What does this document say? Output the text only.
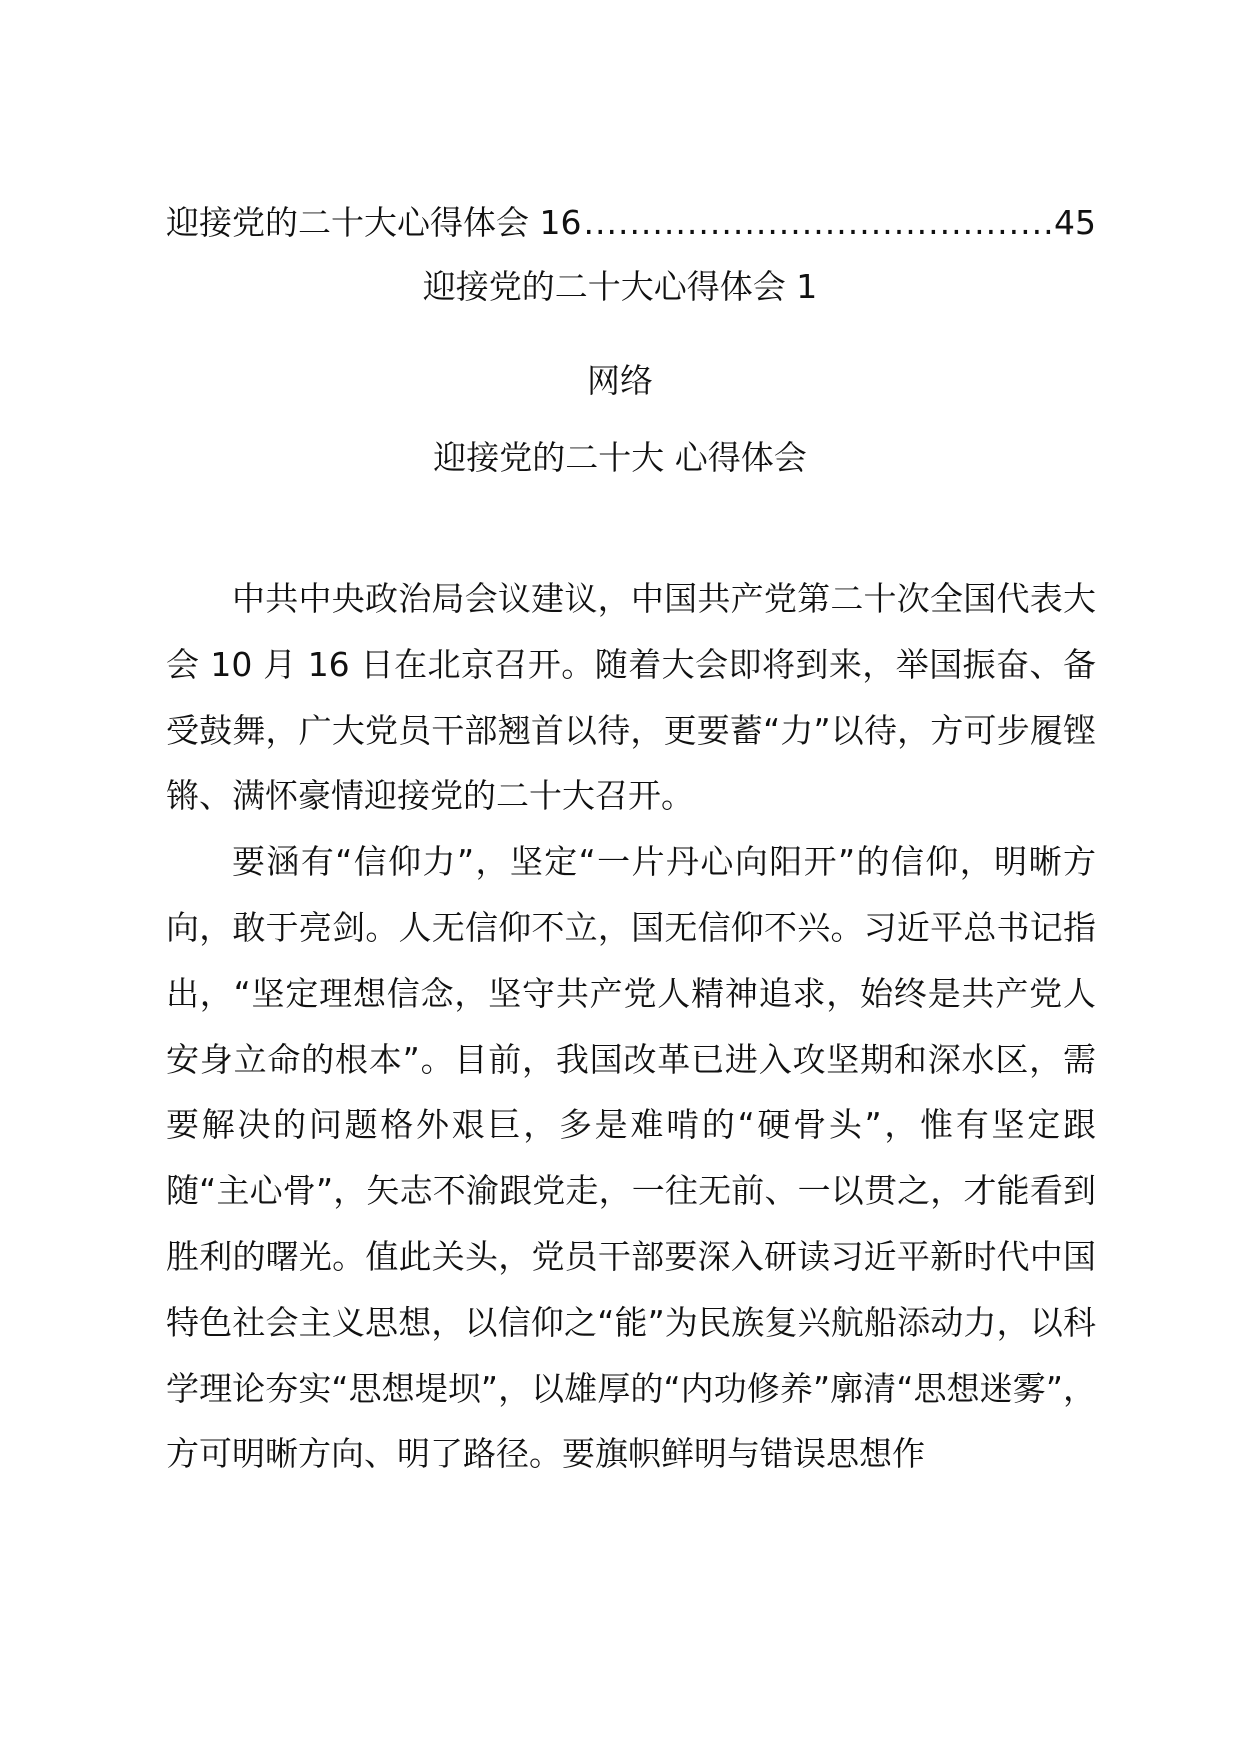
迎接党的二十大心得体会 16
.....	45
迎接党的二十大心得体会 1
网络
迎接党的二十大 心得体会

中共中央政治局会议建议，中国共产党第二十次全国代表大会 10 月 16 日在北京召开。随着大会即将到来，举国振奋、备受鼓舞，广大党员干部翘首以待，更要蓄“力”以待，方可步履铿锵、满怀豪情迎接党的二十大召开。

要涵有“信仰力”，坚定“一片丹心向阳开”的信仰，明晰方向，敢于亮剑。人无信仰不立，国无信仰不兴。习近平总书记指出，“坚定理想信念，坚守共产党人精神追求，始终是共产党人安身立命的根本”。目前，我国改革已进入攻坚期和深水区，需要解决的问题格外艰巨，多是难啃的“硬骨头”，惟有坚定跟随“主心骨”，矢志不渝跟党走，一往无前、一以贯之，才能看到胜利的曙光。值此关头，党员干部要深入研读习近平新时代中国特色社会主义思想，以信仰之“能”为民族复兴航船添动力，以科学理论夯实“思想堤坝”，以雄厚的“内功修养”廓清“思想迷雾”，方可明晰方向、明了路径。要旗帜鲜明与错误思想作
